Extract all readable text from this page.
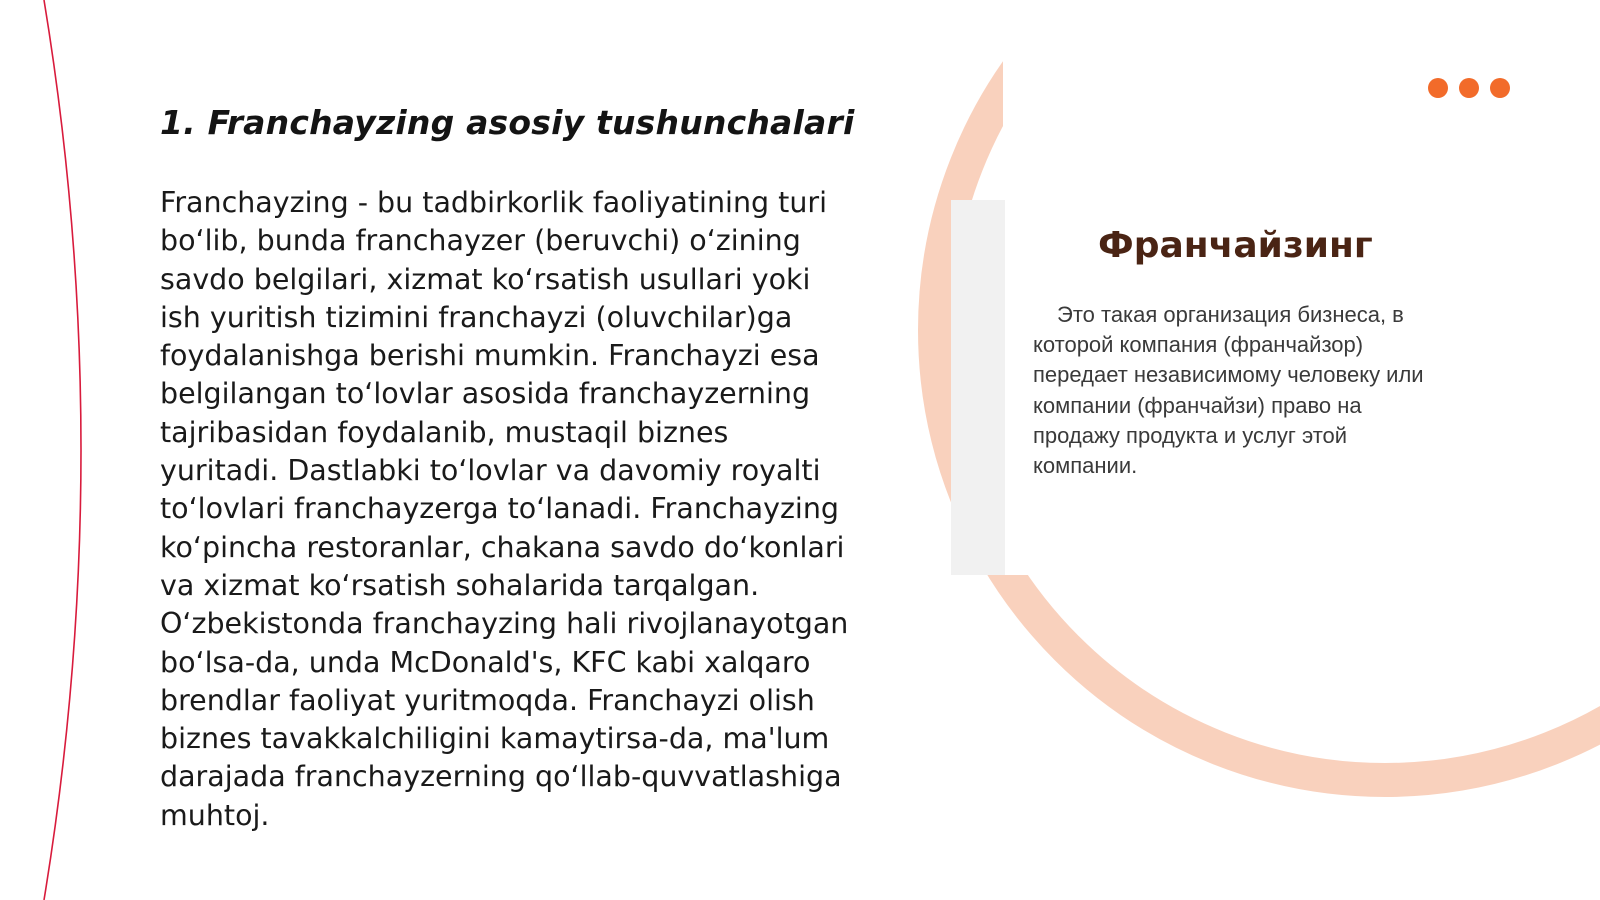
Франчайзинг

Это такая организация бизнеса, в которой компания (франчайзор) передает независимому человеку или компании (франчайзи) право на продажу продукта и услуг этой компании.

1. Franchayzing asosiy tushunchalari

Franchayzing - bu tadbirkorlik faoliyatining turi boʻlib, bunda franchayzer (beruvchi) oʻzining savdo belgilari, xizmat koʻrsatish usullari yoki ish yuritish tizimini franchayzi (oluvchilar)ga foydalanishga berishi mumkin. Franchayzi esa belgilangan toʻlovlar asosida franchayzerning tajribasidan foydalanib, mustaqil biznes yuritadi. Dastlabki toʻlovlar va davomiy royalti toʻlovlari franchayzerga toʻlanadi. Franchayzing koʻpincha restoranlar, chakana savdo doʻkonlari va xizmat koʻrsatish sohalarida tarqalgan. Oʻzbekistonda franchayzing hali rivojlanayotgan boʻlsa-da, unda McDonald's, KFC kabi xalqaro brendlar faoliyat yuritmoqda. Franchayzi olish biznes tavakkalchiligini kamaytirsa-da, ma'lum darajada franchayzerning qoʻllab-quvvatlashiga muhtoj.
